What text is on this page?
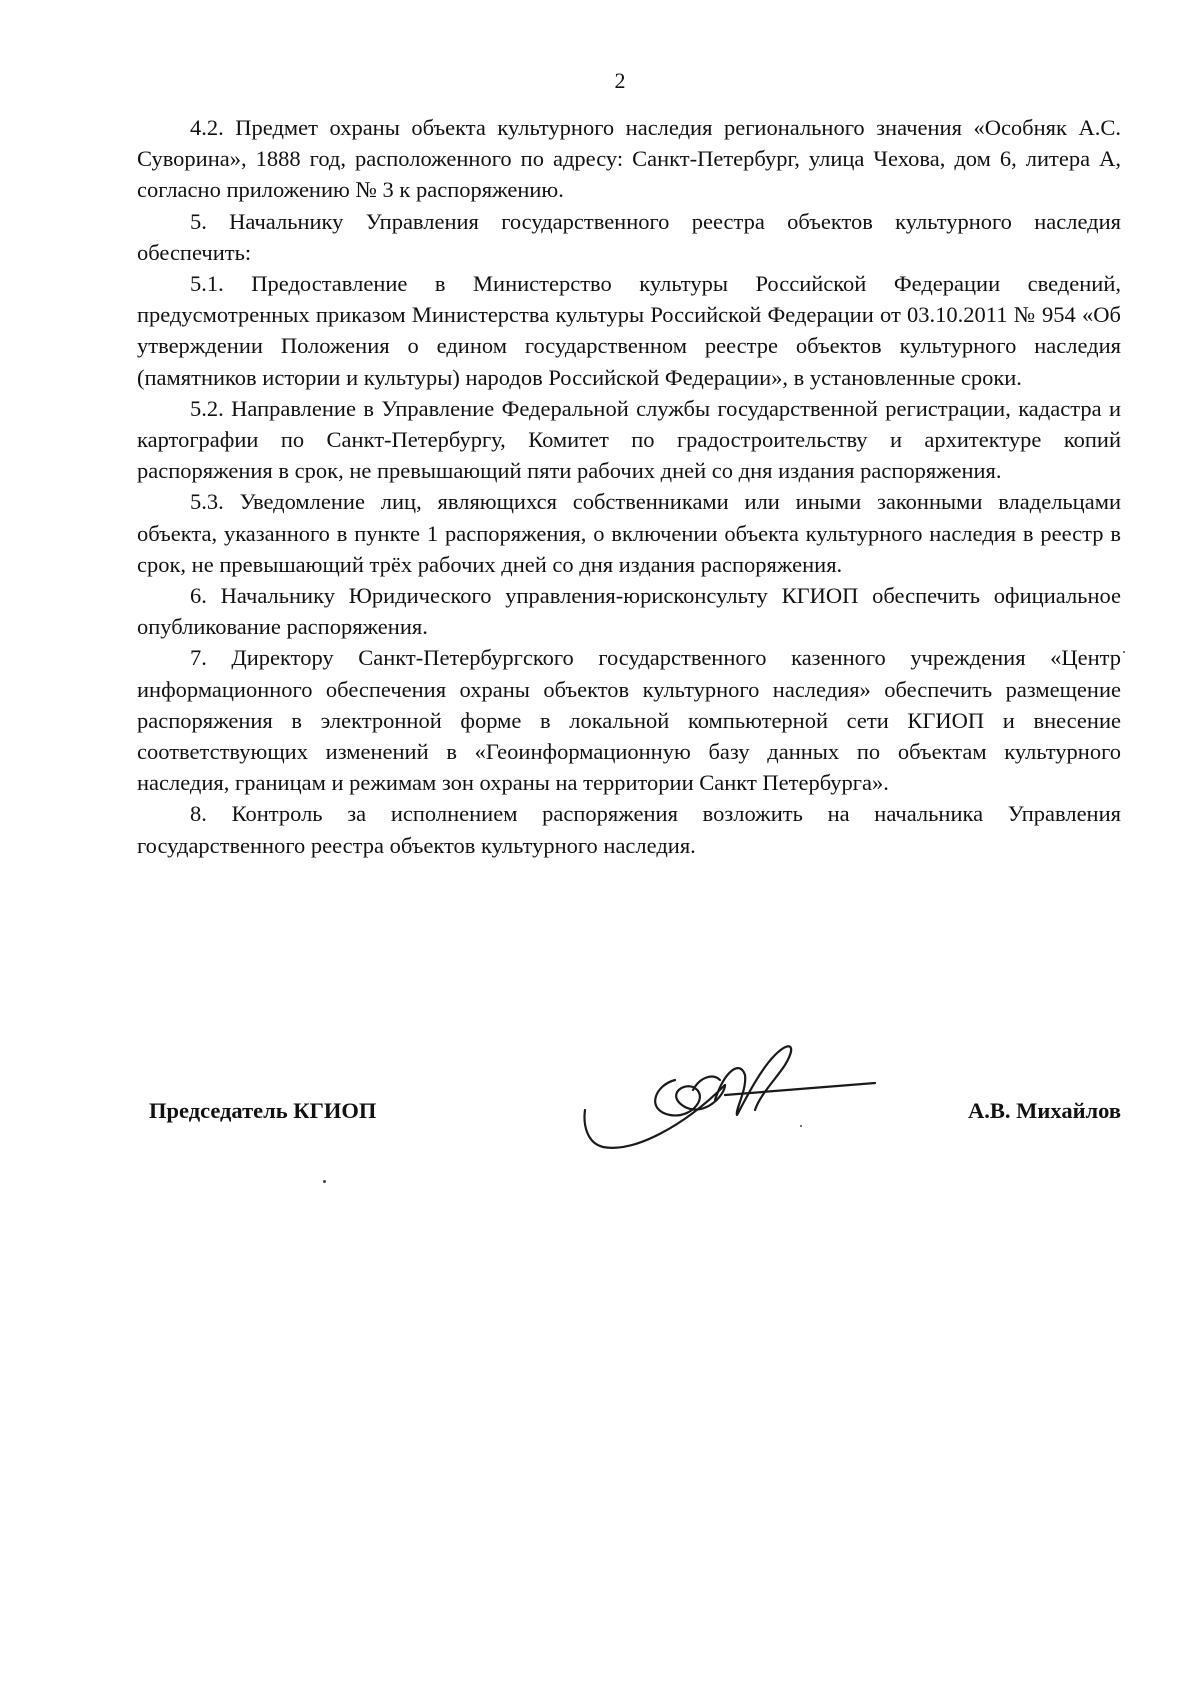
2

4.2. Предмет охраны объекта культурного наследия регионального значения «Особняк А.С. Суворина», 1888 год, расположенного по адресу: Санкт-Петербург, улица Чехова, дом 6, литера А, согласно приложению № 3 к распоряжению.

5. Начальнику Управления государственного реестра объектов культурного наследия обеспечить:

5.1. Предоставление в Министерство культуры Российской Федерации сведений, предусмотренных приказом Министерства культуры Российской Федерации от 03.10.2011 № 954 «Об утверждении Положения о едином государственном реестре объектов культурного наследия (памятников истории и культуры) народов Российской Федерации», в установленные сроки.

5.2. Направление в Управление Федеральной службы государственной регистрации, кадастра и картографии по Санкт-Петербургу, Комитет по градостроительству и архитектуре копий распоряжения в срок, не превышающий пяти рабочих дней со дня издания распоряжения.

5.3. Уведомление лиц, являющихся собственниками или иными законными владельцами объекта, указанного в пункте 1 распоряжения, о включении объекта культурного наследия в реестр в срок, не превышающий трёх рабочих дней со дня издания распоряжения.

6. Начальнику Юридического управления-юрисконсульту КГИОП обеспечить официальное опубликование распоряжения.

7. Директору Санкт-Петербургского государственного казенного учреждения «Центр информационного обеспечения охраны объектов культурного наследия» обеспечить размещение распоряжения в электронной форме в локальной компьютерной сети КГИОП и внесение соответствующих изменений в «Геоинформационную базу данных по объектам культурного наследия, границам и режимам зон охраны на территории Санкт Петербурга».

8. Контроль за исполнением распоряжения возложить на начальника Управления государственного реестра объектов культурного наследия.

Председатель КГИОП	А.В. Михайлов
